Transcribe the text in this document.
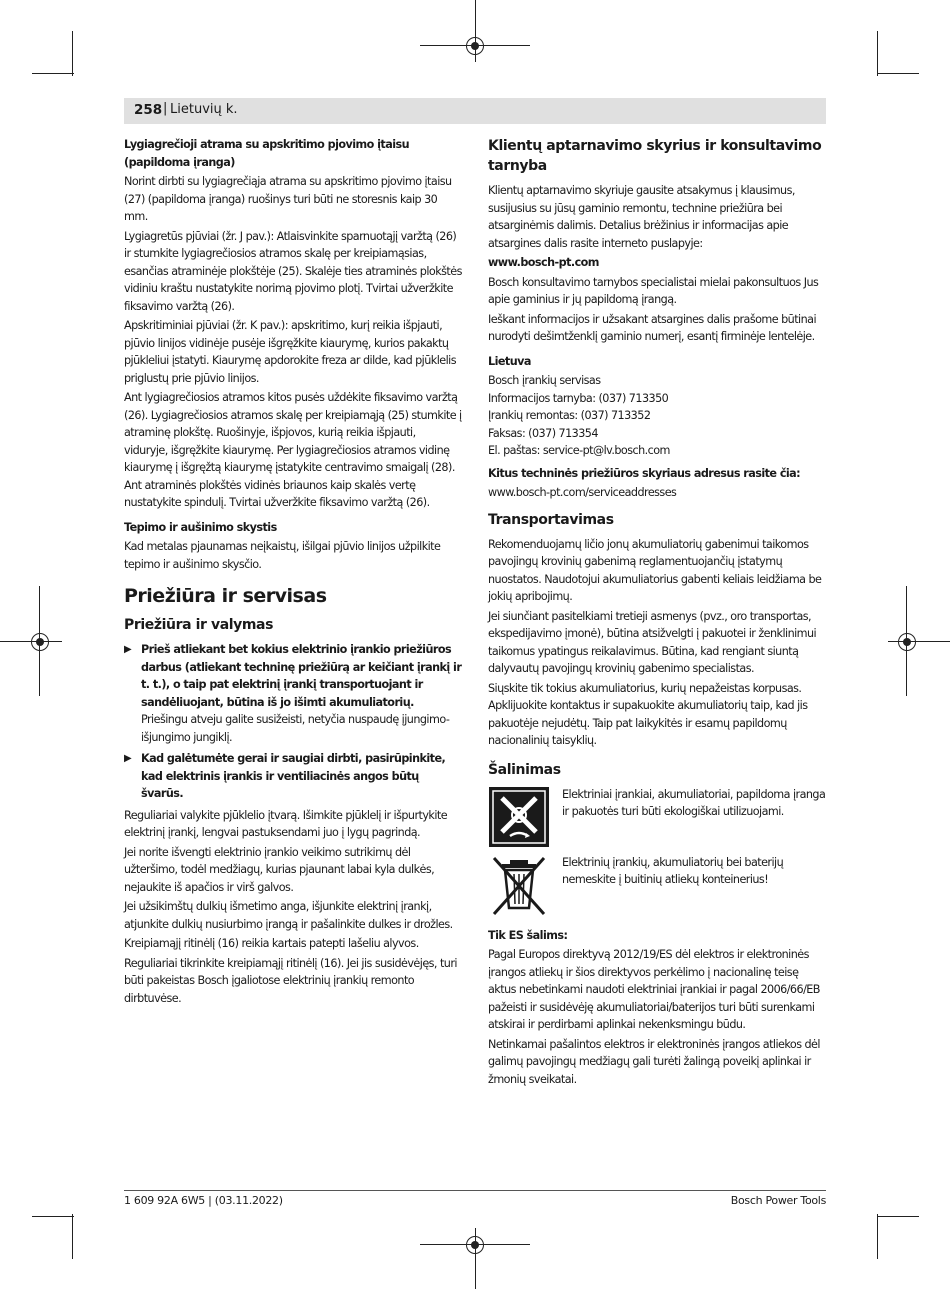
258 | Lietuvių k.
Lygiagrečioji atrama su apskritimo pjovimo įtaisu (papildoma įranga)

Norint dirbti su lygiagrečiąja atrama su apskritimo pjovimo įtaisu (27) (papildoma įranga) ruošinys turi būti ne storesnis kaip 30 mm.

Lygiagretūs pjūviai (žr. J pav.): Atlaisvinkite sparnuotąjį varžtą (26) ir stumkite lygiagrečiosios atramos skalę per kreipiamąsias, esančias atraminėje plokštėje (25). Skalėje ties atraminės plokštės vidiniu kraštu nustatykite norimą pjovimo plotį. Tvirtai užveržkite fiksavimo varžtą (26).

Apskritiminiai pjūviai (žr. K pav.): apskritimo, kurį reikia išpjauti, pjūvio linijos vidinėje pusėje išgręžkite kiaurymę, kurios pakaktų pjūkleliui įstatyti. Kiaurymę apdorokite freza ar dilde, kad pjūklelis priglustų prie pjūvio linijos.

Ant lygiagrečiosios atramos kitos pusės uždėkite fiksavimo varžtą (26). Lygiagrečiosios atramos skalę per kreipiamąją (25) stumkite į atraminę plokštę. Ruošinyje, išpjovos, kurią reikia išpjauti, viduryje, išgręžkite kiaurymę. Per lygiagrečiosios atramos vidinę kiaurymę į išgręžtą kiaurymę įstatykite centravimo smaigalį (28). Ant atraminės plokštės vidinės briaunos kaip skalės vertę nustatykite spindulį. Tvirtai užveržkite fiksavimo varžtą (26).

Tepimo ir aušinimo skystis

Kad metalas pjaunamas neįkaistų, išilgai pjūvio linijos užpilkite tepimo ir aušinimo skysčio.

Priežiūra ir servisas
Priežiūra ir valymas
▶ Prieš atliekant bet kokius elektrinio įrankio priežiūros darbus (atliekant techninę priežiūrą ar keičiant įrankį ir t. t.), o taip pat elektrinį įrankį transportuojant ir sandėliuojant, būtina iš jo išimti akumuliatorių. Priešingu atveju galite susižeisti, netyčia nuspaudę įjungimo-išjungimo jungiklį.
▶ Kad galėtumėte gerai ir saugiai dirbti, pasirūpinkite, kad elektrinis įrankis ir ventiliacinės angos būtų švarūs.

Reguliariai valykite pjūklelio įtvarą. Išimkite pjūklelį ir išpurtykite elektrinį įrankį, lengvai pastuksendami juo į lygų pagrindą.

Jei norite išvengti elektrinio įrankio veikimo sutrikimų dėl užteršimo, todėl medžiagų, kurias pjaunant labai kyla dulkės, nejaukite iš apačios ir virš galvos.

Jei užsikimštų dulkių išmetimo anga, išjunkite elektrinį įrankį, atjunkite dulkių nusiurbimo įrangą ir pašalinkite dulkes ir drožles.

Kreipiamąjį ritinėlį (16) reikia kartais patepti lašeliu alyvos.

Reguliariai tikrinkite kreipiamąjį ritinėlį (16). Jei jis susidėvėjęs, turi būti pakeistas Bosch įgaliotose elektrinių įrankių remonto dirbtuvėse.

Klientų aptarnavimo skyrius ir konsultavimo tarnyba

Klientų aptarnavimo skyriuje gausite atsakymus į klausimus, susijusius su jūsų gaminio remontu, technine priežiūra bei atsarginėmis dalimis. Detalius brėžinius ir informacijas apie atsargines dalis rasite interneto puslapyje:

www.bosch-pt.com

Bosch konsultavimo tarnybos specialistai mielai pakonsultuos Jus apie gaminius ir jų papildomą įrangą.

Ieškant informacijos ir užsakant atsargines dalis prašome būtinai nurodyti dešimtženklį gaminio numerį, esantį firminėje lentelėje.

Lietuva
Bosch įrankių servisas
Informacijos tarnyba: (037) 713350
Įrankių remontas: (037) 713352
Faksas: (037) 713354
El. paštas: service-pt@lv.bosch.com
Kitus techninės priežiūros skyriaus adresus rasite čia:
www.bosch-pt.com/serviceaddresses
Transportavimas

Rekomenduojamų ličio jonų akumuliatorių gabenimui taikomos pavojingų krovinių gabenimą reglamentuojančių įstatymų nuostatos. Naudotojui akumuliatorius gabenti keliais leidžiama be jokių apribojimų.

Jei siunčiant pasitelkiami tretieji asmenys (pvz., oro transportas, ekspedijavimo įmonė), būtina atsižvelgti į pakuotei ir ženklinimui taikomus ypatingus reikalavimus. Būtina, kad rengiant siuntą dalyvautų pavojingų krovinių gabenimo specialistas.

Siųskite tik tokius akumuliatorius, kurių nepažeistas korpusas. Apklijuokite kontaktus ir supakuokite akumuliatorių taip, kad jis pakuotėje nejudėtų. Taip pat laikykitės ir esamų papildomų nacionalinių taisyklių.

Šalinimas
Elektriniai įrankiai, akumuliatoriai, papildoma įranga ir pakuotės turi būti ekologiškai utilizuojami.
Elektrinių įrankių, akumuliatorių bei baterijų nemeskite į buitinių atliekų konteinerius!
Tik ES šalims:

Pagal Europos direktyvą 2012/19/ES dėl elektros ir elektroninės įrangos atliekų ir šios direktyvos perkėlimo į nacionalinę teisę aktus nebetinkami naudoti elektriniai įrankiai ir pagal 2006/66/EB pažeisti ir susidėvėję akumuliatoriai/baterijos turi būti surenkami atskirai ir perdirbami aplinkai nekenksmingu būdu.

Netinkamai pašalintos elektros ir elektroninės įrangos atliekos dėl galimų pavojingų medžiagų gali turėti žalingą poveikį aplinkai ir žmonių sveikatai.

1 609 92A 6W5 | (03.11.2022)	Bosch Power Tools
